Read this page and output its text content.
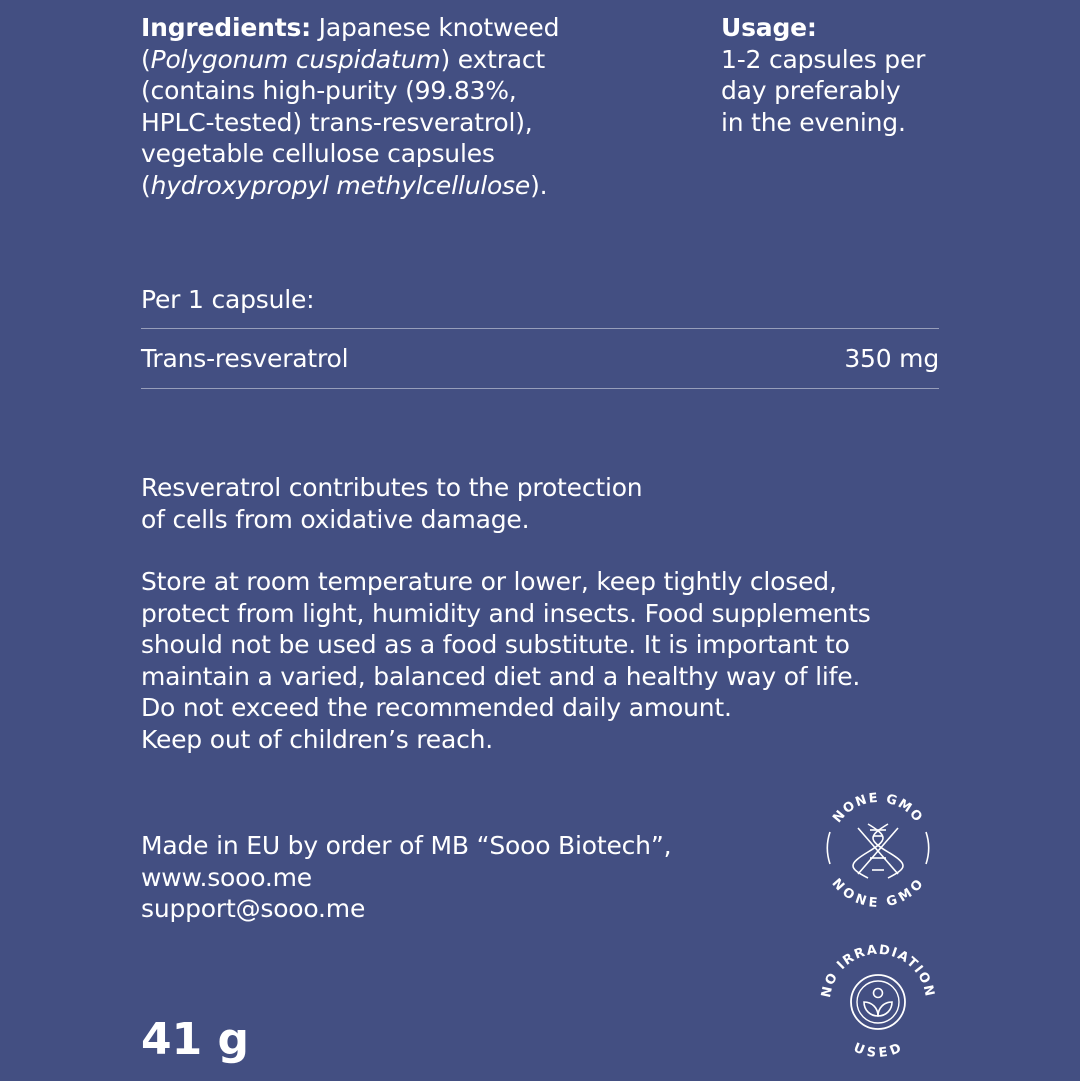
Ingredients: Japanese knotweed
(Polygonum cuspidatum) extract
(contains high-purity (99.83%,
HPLC-tested) trans-resveratrol),
vegetable cellulose capsules
(hydroxypropyl methylcellulose).
Usage:
1-2 capsules per
day preferably
in the evening.
Per 1 capsule:
Trans-resveratrol	350 mg
Resveratrol contributes to the protection
of cells from oxidative damage.
Store at room temperature or lower, keep tightly closed,
protect from light, humidity and insects. Food supplements
should not be used as a food substitute. It is important to
maintain a varied, balanced diet and a healthy way of life.
Do not exceed the recommended daily amount.
Keep out of children’s reach.
Made in EU by order of MB “Sooo Biotech”,
www.sooo.me
support@sooo.me
41 g
NONE GMO
NONE GMO
NO IRRADIATION
USED
